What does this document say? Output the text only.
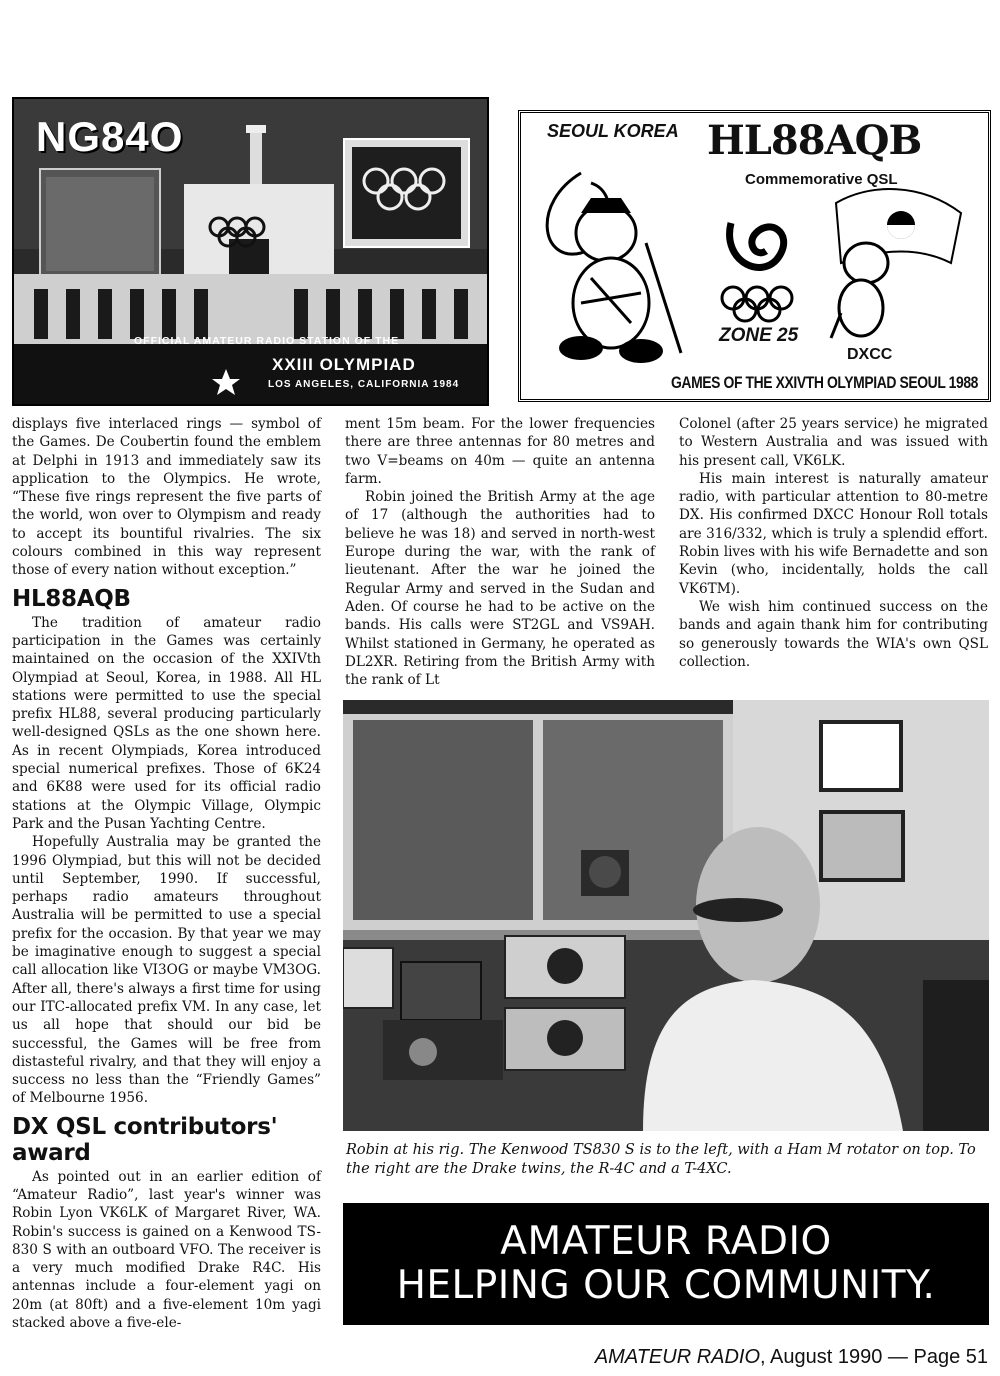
NG84O
OFFICIAL AMATEUR RADIO STATION OF THE
XXIII OLYMPIAD
LOS ANGELES, CALIFORNIA 1984
SEOUL KOREA HL88AQB
Commemorative QSL
ZONE 25
DXCC
GAMES OF THE XXIVTH OLYMPIAD SEOUL 1988

displays five interlaced rings — symbol of the Games. De Coubertin found the emblem at Delphi in 1913 and immediately saw its application to the Olympics. He wrote, “These five rings represent the five parts of the world, won over to Olympism and ready to accept its bountiful rivalries. The six colours combined in this way represent those of every nation without exception.”

HL88AQB

The tradition of amateur radio participation in the Games was certainly maintained on the occasion of the XXIVth Olympiad at Seoul, Korea, in 1988. All HL stations were permitted to use the special prefix HL88, several producing particularly well-designed QSLs as the one shown here. As in recent Olympiads, Korea introduced special numerical prefixes. Those of 6K24 and 6K88 were used for its official radio stations at the Olympic Village, Olympic Park and the Pusan Yachting Centre.

Hopefully Australia may be granted the 1996 Olympiad, but this will not be decided until September, 1990. If successful, perhaps radio amateurs throughout Australia will be permitted to use a special prefix for the occasion. By that year we may be imaginative enough to suggest a special call allocation like VI3OG or maybe VM3OG. After all, there's always a first time for using our ITC-allocated prefix VM. In any case, let us all hope that should our bid be successful, the Games will be free from distasteful rivalry, and that they will enjoy a success no less than the “Friendly Games” of Melbourne 1956.

DX QSL contributors' award

As pointed out in an earlier edition of “Amateur Radio”, last year's winner was Robin Lyon VK6LK of Margaret River, WA. Robin's success is gained on a Kenwood TS-830 S with an outboard VFO. The receiver is a very much modified Drake R4C. His antennas include a four-element yagi on 20m (at 80ft) and a five-element 10m yagi stacked above a five-ele-

ment 15m beam. For the lower frequencies there are three antennas for 80 metres and two V=beams on 40m — quite an antenna farm.

Robin joined the British Army at the age of 17 (although the authorities had to believe he was 18) and served in north-west Europe during the war, with the rank of lieutenant. After the war he joined the Regular Army and served in the Sudan and Aden. Of course he had to be active on the bands. His calls were ST2GL and VS9AH. Whilst stationed in Germany, he operated as DL2XR. Retiring from the British Army with the rank of Lt

Colonel (after 25 years service) he migrated to Western Australia and was issued with his present call, VK6LK.

His main interest is naturally amateur radio, with particular attention to 80-metre DX. His confirmed DXCC Honour Roll totals are 316/332, which is truly a splendid effort. Robin lives with his wife Bernadette and son Kevin (who, incidentally, holds the call VK6TM).

We wish him continued success on the bands and again thank him for contributing so generously towards the WIA's own QSL collection.

Robin at his rig. The Kenwood TS830 S is to the left, with a Ham M rotator on top. To the right are the Drake twins, the R-4C and a T-4XC.
AMATEUR RADIO
HELPING OUR COMMUNITY.
AMATEUR RADIO, August 1990 — Page 51
